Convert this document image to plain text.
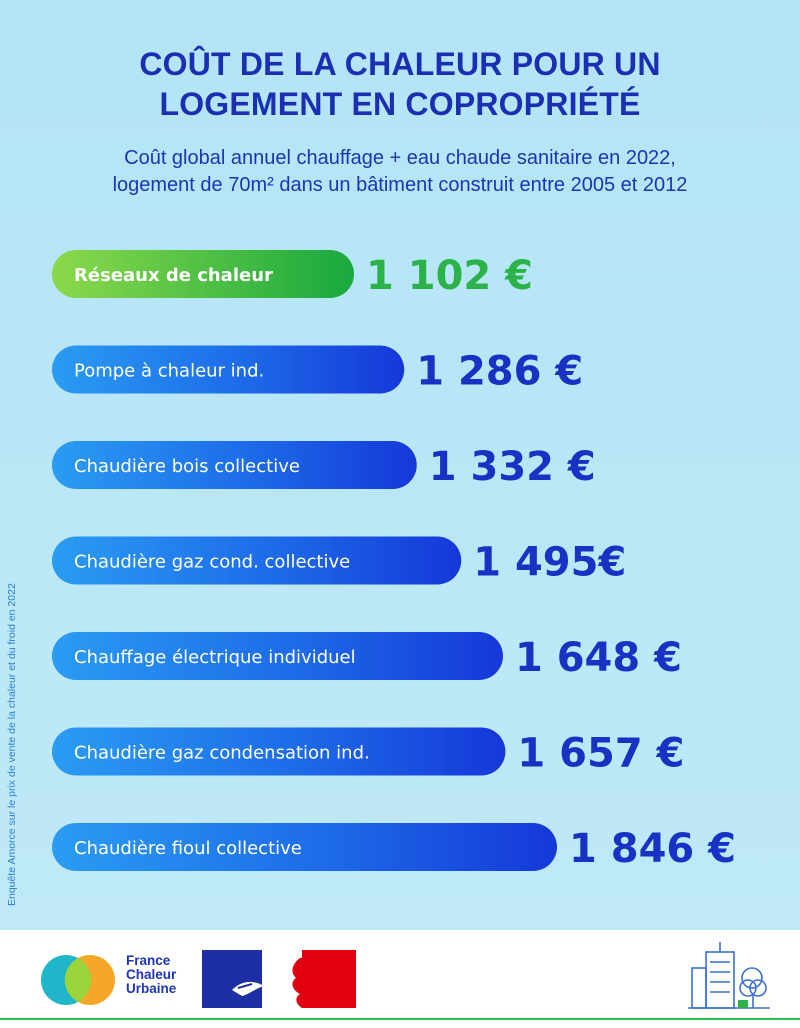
COÛT DE LA CHALEUR POUR UN
LOGEMENT EN COPROPRIÉTÉ
Coût global annuel chauffage + eau chaude sanitaire en 2022,
logement de 70m² dans un bâtiment construit entre 2005 et 2012
Enquête Amorce sur le prix de vente de la chaleur et du froid en 2022
Réseaux de chaleur 1 102 €
Pompe à chaleur ind.	1 286 €
Chaudière bois collective	1 332 €
Chaudière gaz cond. collective	1 495€
Chauffage électrique individuel	1 648 €
Chaudière gaz condensation ind.	1 657 €
Chaudière fioul collective	1 846 €
France
Chaleur
Urbaine
